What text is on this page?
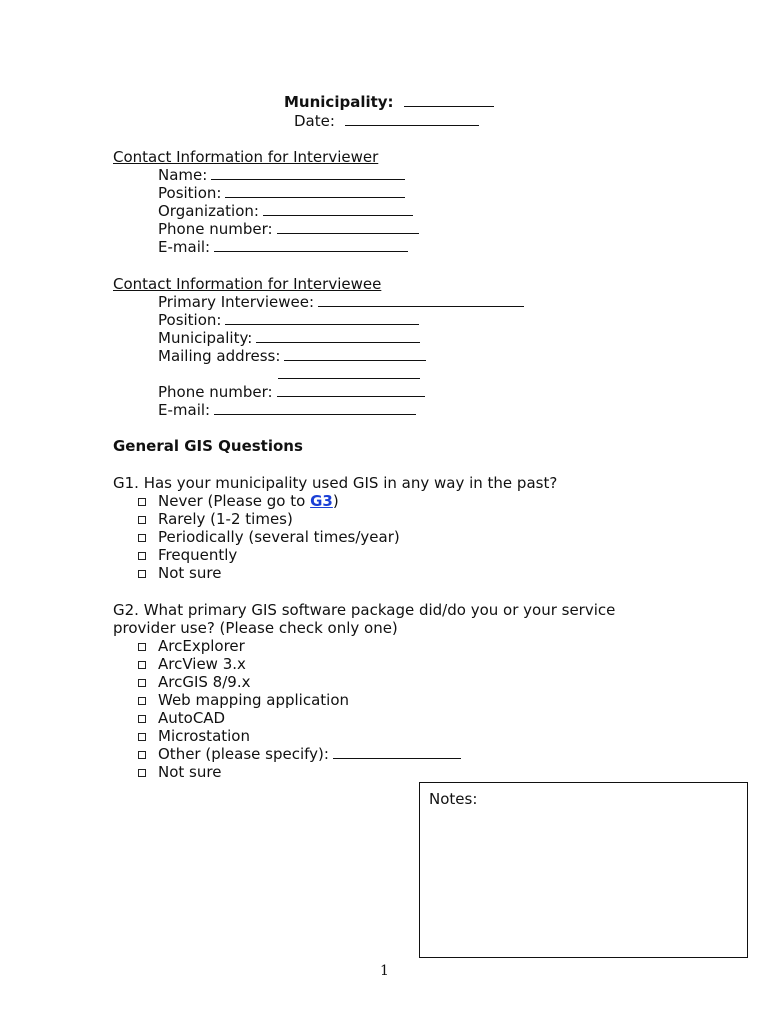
Municipality:
Date:
Contact Information for Interviewer
Name:
Position:
Organization:
Phone number:
E-mail:
Contact Information for Interviewee
Primary Interviewee:
Position:
Municipality:
Mailing address:
Phone number:
E-mail:
General GIS Questions
G1. Has your municipality used GIS in any way in the past?
Never (Please go to G3)
Rarely (1-2 times)
Periodically (several times/year)
Frequently
Not sure
G2. What primary GIS software package did/do you or your service
provider use? (Please check only one)
ArcExplorer
ArcView 3.x
ArcGIS 8/9.x
Web mapping application
AutoCAD
Microstation
Other (please specify):
Not sure
Notes:
1
